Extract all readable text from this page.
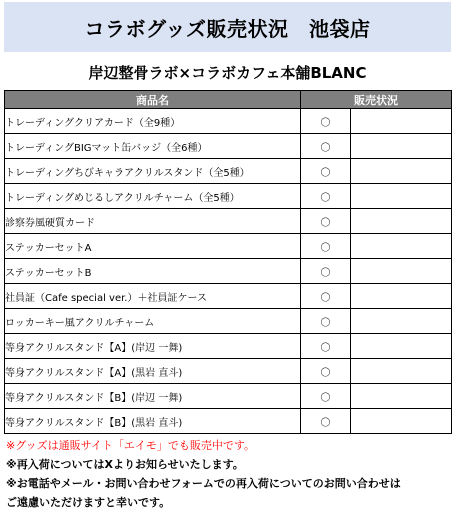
コラボグッズ販売状況　池袋店
岸辺整骨ラボ×コラボカフェ本舗BLANC
商品名	販売状況	
トレーディングクリアカード（全9種）	〇	
トレーディングBIGマット缶バッジ（全6種）	〇	
トレーディングちびキャラアクリルスタンド（全5種）	〇	
トレーディングめじるしアクリルチャーム（全5種）	〇	
診察券風硬質カード	〇	
ステッカーセットA	〇	
ステッカーセットB	〇	
社員証（Cafe special ver.）＋社員証ケース	〇	
ロッカーキー風アクリルチャーム	〇	
等身アクリルスタンド【A】(岸辺 一舞)	〇	
等身アクリルスタンド【A】(黒岩 直斗)	〇	
等身アクリルスタンド【B】(岸辺 一舞)	〇	
等身アクリルスタンド【B】(黒岩 直斗)	〇	

※グッズは通販サイト「エイモ」でも販売中です。

※再入荷についてはXよりお知らせいたします。

※お電話やメール・お問い合わせフォームでの再入荷についてのお問い合わせは

ご遠慮いただけますと幸いです。
